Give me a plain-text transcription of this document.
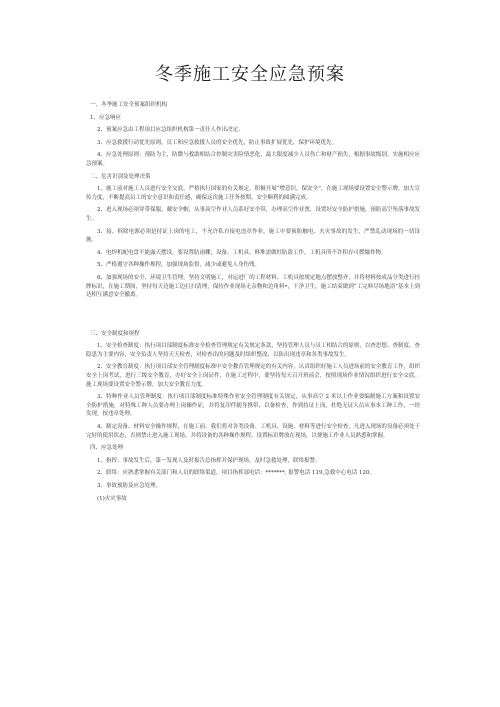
冬季施工安全应急预案
一、冬季施工安全预案组织机构
1、应急响应
2、预案应急由工程项目应急组织机构第一责任人作出决定。
3、应急救援行动优先原则，员工和应急救援人员的安全优先，防止事故扩展优先，保护环境优先。
4、应急处理原则：预防为主，防微与救助相结合控制灾害险情恶化，最大限度减少人员伤亡和财产损失，根据事故级别，实施相应应急预案。
二、危害识别及处理决策
1、施工前对施工人员进行安全交底，严格执行国家的有关规定，积极开展“增意识，保安全”，在施工现场要设置安全警示牌，加大宣传力度，不断提高员工的安全意识和责任感，确保这次施工任务按期、安全顺利的圆满完成。
2、进入现场必须穿带保服，戴安全帽，从事高空作业人员系好安全带，办理高空作业票，设置好安全防护措施，预防高空坠落事故发生。
3、接、拆除电源必须是持证上岗的电工，不允许私自接电违章作业，施工中要预防触电、火灾事故的发生，严禁乱动现场的一切设施。
4、电焊机配电盘不能露天摆设，要设置防雨棚，设备、工机具、料堆需做好防盗工作，工机具所不许积存可燃爆炸物。
5、严格遵守各种操作规程，加强现场监督，减少或避免人身伤残。
6、加强现场的安全、环境卫生管理，坚持文明施工，对运进厂的工程材料、工机具按规定地点摆放整齐，并将材料按成品分类进行挂牌标识，在施工期间，坚持每天边施工边打扫清理，保持作业现场无杂物和边角料•，干净卫生，施工结束做到“工完料尽场地清”基本上到达相互满意安全撤离。
三、安全制度和规程
1、安全检查制度：执行项目部制度标准安全检查管理规定有关规定条款，坚持管理人员与员工相结合的原则，以查思想、查制度、查隐患为主要内容，安全负责人坚持天天检查，对检查出的问题及时组织整改，以防出现违章和各类事故发生。
2、安全教育制度：执行项目部安全管理制度标准中安全教育管理规定的有关内容，认真组织好施工人员进场前的安全教育工作，组织安全上岗考试，进行三级安全教育，办好安全上岗证件，在施工过程中，要坚持每天召开班前会，按照现场作业情况组织进行安全交底。施工现场要设置安全警示牌，加大安全教育力度。
3、特种作业人员管理制度：执行项目部制度标准特殊作业安全管理制度有关规定，从事高空 2 米以上作业要编制施工方案和设置安全防护措施，对特殊工种人员要办理上岗操作证，并将复印件随身携带，以备检查，作到持证上岗，杜绝无证人员从事本工种工作，一经发现，按违章处理。
4、制定设备、材料安全操作规程，在施工前，我们将对各类设备、工机具、设施、材料等进行安全检查，凡进入现场的设备必须处于完好的使用状态，否则禁止进入施工现场，并将设备的各种操作规程、设置标识牌放在现场，以便施工作业人员熟悉和掌握。
四、应急处理
1、指挥：事故发生后，第一发现人及时报告总指挥并保护现场，及时急救处理，联络报警。
2、联络：应熟悉掌握有关部门和人员的联络渠道，项目指挥部电话：*******, 报警电话 119,急救中心电话 120。
3、事故预防及应急处理。
(1)火灾事故
